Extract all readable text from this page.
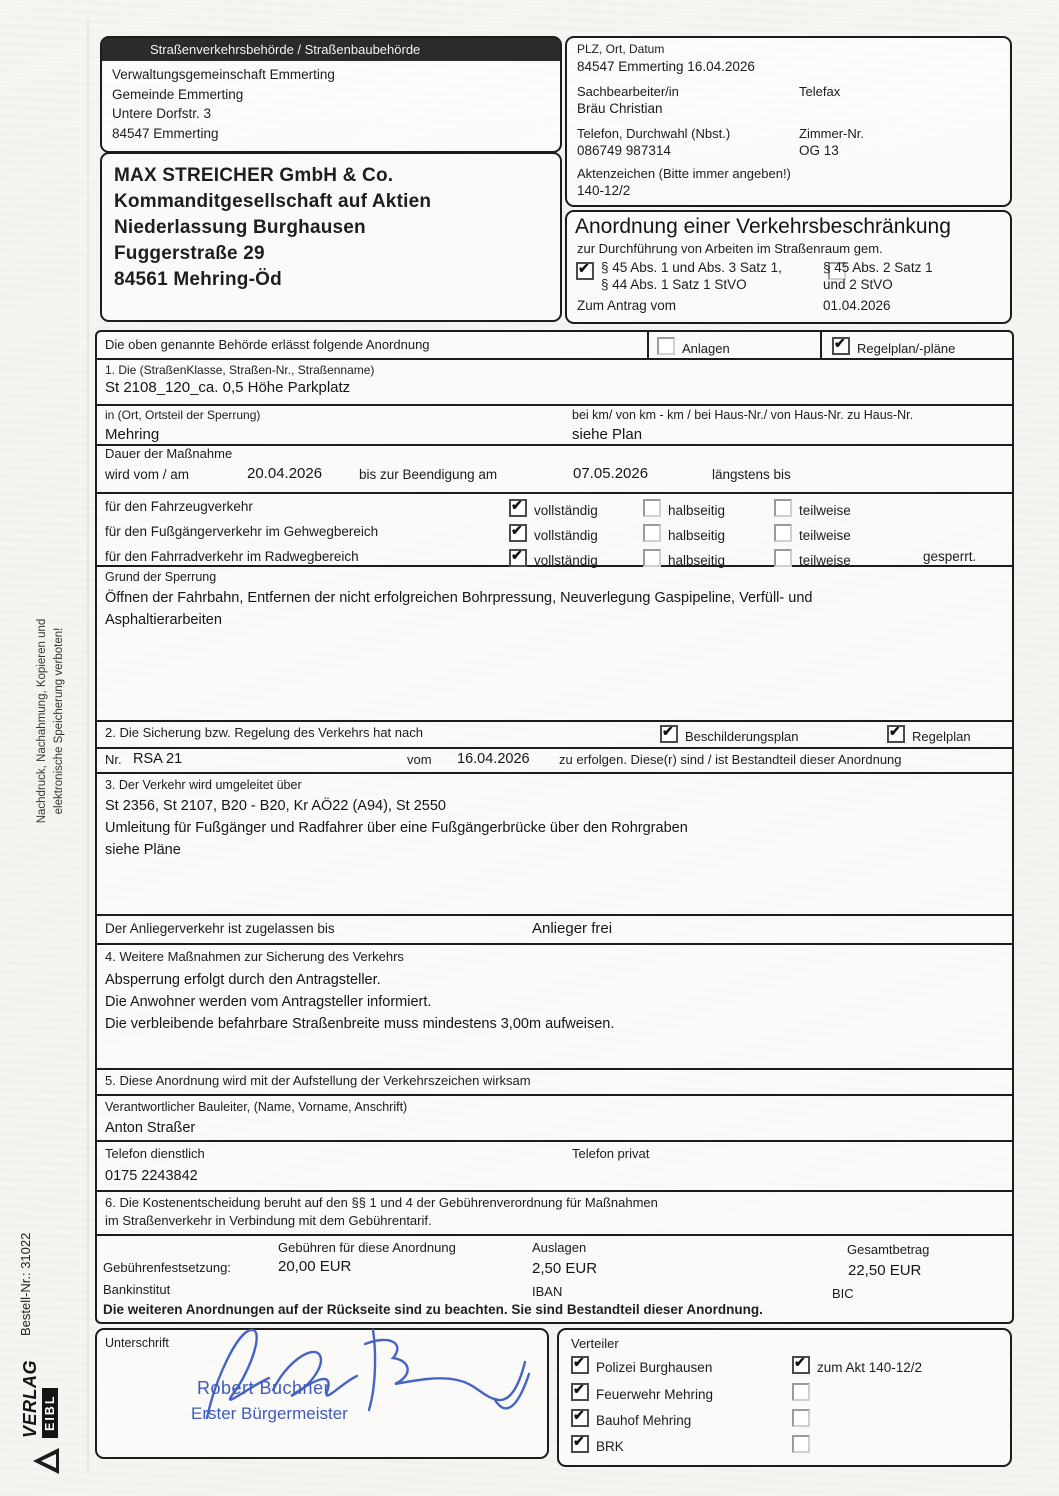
Nachdruck, Nachahmung, Kopieren und elektronische Speicherung verboten!
VERLAG EIBL
Bestell-Nr.: 31022
Straßenverkehrsbehörde / Straßenbaubehörde
Verwaltungsgemeinschaft Emmerting
Gemeinde Emmerting
Untere Dorfstr. 3
84547 Emmerting
MAX STREICHER GmbH & Co.
Kommanditgesellschaft auf Aktien
Niederlassung Burghausen
Fuggerstraße 29
84561 Mehring-Öd
PLZ, Ort, Datum
84547 Emmerting 16.04.2026
Sachbearbeiter/in
Bräu Christian
Telefax
Telefon, Durchwahl (Nbst.)
086749 987314
Zimmer-Nr.
OG 13
Aktenzeichen (Bitte immer angeben!)
140-12/2
Anordnung einer Verkehrsbeschränkung
zur Durchführung von Arbeiten im Straßenraum gem.
✔
§ 45 Abs. 1 und Abs. 3 Satz 1,
§ 44 Abs. 1 Satz 1 StVO
§ 45 Abs. 2 Satz 1
und 2 StVO
Zum Antrag vom	01.04.2026
Die oben genannte Behörde erlässt folgende Anordnung	Anlagen	✔ Regelplan/-pläne
1. Die (StraßenKlasse, Straßen-Nr., Straßenname)
St 2108_120_ca. 0,5 Höhe Parkplatz
in (Ort, Ortsteil der Sperrung)
Mehring
bei km/ von km - km / bei Haus-Nr./ von Haus-Nr. zu Haus-Nr.
siehe Plan
Dauer der Maßnahme
wird vom / am	20.04.2026	bis zur Beendigung am	07.05.2026	längstens bis
für den Fahrzeugverkehr	✔ vollständig	halbseitig	teilweise
für den Fußgängerverkehr im Gehwegbereich	✔ vollständig	halbseitig	teilweise
für den Fahrradverkehr im Radwegbereich	✔ vollständig	halbseitig	teilweise	gesperrt.
Grund der Sperrung
Öffnen der Fahrbahn, Entfernen der nicht erfolgreichen Bohrpressung, Neuverlegung Gaspipeline, Verfüll- und
Asphaltierarbeiten
2. Die Sicherung bzw. Regelung des Verkehrs hat nach	✔ Beschilderungsplan	✔ Regelplan
Nr. RSA 21	vom 16.04.2026 zu erfolgen. Diese(r) sind / ist Bestandteil dieser Anordnung
3. Der Verkehr wird umgeleitet über
St 2356, St 2107, B20 - B20, Kr AÖ22 (A94), St 2550
Umleitung für Fußgänger und Radfahrer über eine Fußgängerbrücke über den Rohrgraben
siehe Pläne
Der Anliegerverkehr ist zugelassen bis	Anlieger frei
4. Weitere Maßnahmen zur Sicherung des Verkehrs
Absperrung erfolgt durch den Antragsteller.
Die Anwohner werden vom Antragsteller informiert.
Die verbleibende befahrbare Straßenbreite muss mindestens 3,00m aufweisen.
5. Diese Anordnung wird mit der Aufstellung der Verkehrszeichen wirksam
Verantwortlicher Bauleiter, (Name, Vorname, Anschrift)
Anton Straßer
Telefon dienstlich
0175 2243842
Telefon privat
6. Die Kostenentscheidung beruht auf den §§ 1 und 4 der Gebührenverordnung für Maßnahmen
im Straßenverkehr in Verbindung mit dem Gebührentarif.
Gebühren für diese Anordnung	Auslagen	Gesamtbetrag
Gebührenfestsetzung:	20,00 EUR	2,50 EUR	22,50 EUR
Bankinstitut	IBAN	BIC
Die weiteren Anordnungen auf der Rückseite sind zu beachten. Sie sind Bestandteil dieser Anordnung.
Unterschrift
Robert Buchner
Erster Bürgermeister
Verteiler
✔ Polizei Burghausen	✔ zum Akt 140-12/2
✔ Feuerwehr Mehring
✔ Bauhof Mehring
✔ BRK
